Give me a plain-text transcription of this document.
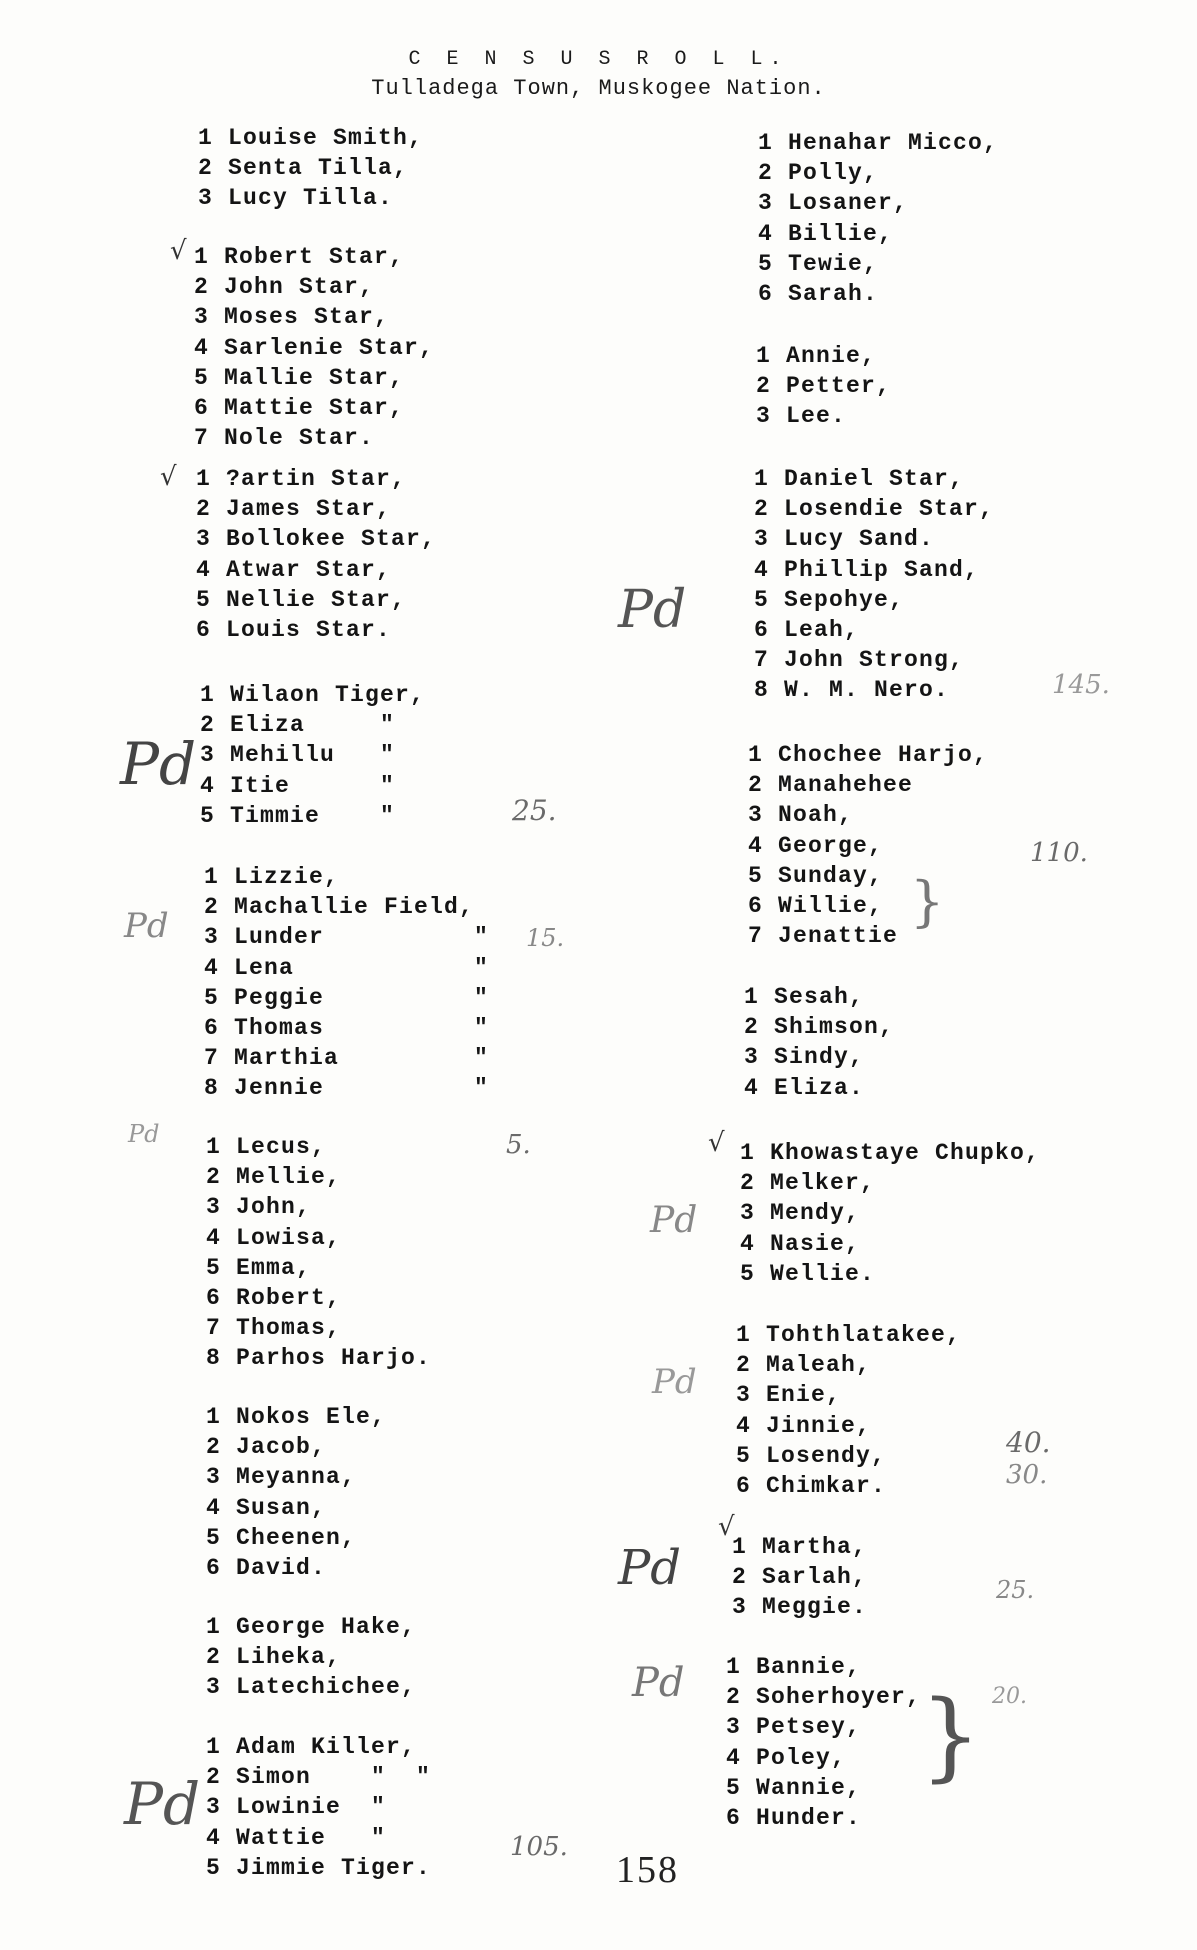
C E N S U S R O L L.
Tulladega Town, Muskogee Nation.
1 Louise Smith,
2 Senta Tilla,
3 Lucy Tilla.
1 Robert Star,
2 John Star,
3 Moses Star,
4 Sarlenie Star,
5 Mallie Star,
6 Mattie Star,
7 Nole Star.
1 ?artin Star,
2 James Star,
3 Bollokee Star,
4 Atwar Star,
5 Nellie Star,
6 Louis Star.
1 Wilaon Tiger,
2 Eliza     "
3 Mehillu   "
4 Itie      "
5 Timmie    "
1 Lizzie,
2 Machallie Field,
3 Lunder          "
4 Lena            "
5 Peggie          "
6 Thomas          "
7 Marthia         "
8 Jennie          "
1 Lecus,
2 Mellie,
3 John,
4 Lowisa,
5 Emma,
6 Robert,
7 Thomas,
8 Parhos Harjo.
1 Nokos Ele,
2 Jacob,
3 Meyanna,
4 Susan,
5 Cheenen,
6 David.
1 George Hake,
2 Liheka,
3 Latechichee,
1 Adam Killer,
2 Simon    "  "
3 Lowinie  "
4 Wattie   "
5 Jimmie Tiger.
1 Henahar Micco,
2 Polly,
3 Losaner,
4 Billie,
5 Tewie,
6 Sarah.
1 Annie,
2 Petter,
3 Lee.
1 Daniel Star,
2 Losendie Star,
3 Lucy Sand.
4 Phillip Sand,
5 Sepohye,
6 Leah,
7 John Strong,
8 W. M. Nero.
1 Chochee Harjo,
2 Manahehee
3 Noah,
4 George,
5 Sunday,
6 Willie,
7 Jenattie
1 Sesah,
2 Shimson,
3 Sindy,
4 Eliza.
1 Khowastaye Chupko,
2 Melker,
3 Mendy,
4 Nasie,
5 Wellie.
1 Tohthlatakee,
2 Maleah,
3 Enie,
4 Jinnie,
5 Losendy,
6 Chimkar.
1 Martha,
2 Sarlah,
3 Meggie.
1 Bannie,
2 Soherhoyer,
3 Petsey,
4 Poley,
5 Wannie,
6 Hunder.
√
√
√
√
Pd
Pd
Pd
Pd
Pd
Pd
Pd
Pd
Pd
25.
15.
5.
105.
145.
110.
40.
30.
25.
20.
}
}
158
